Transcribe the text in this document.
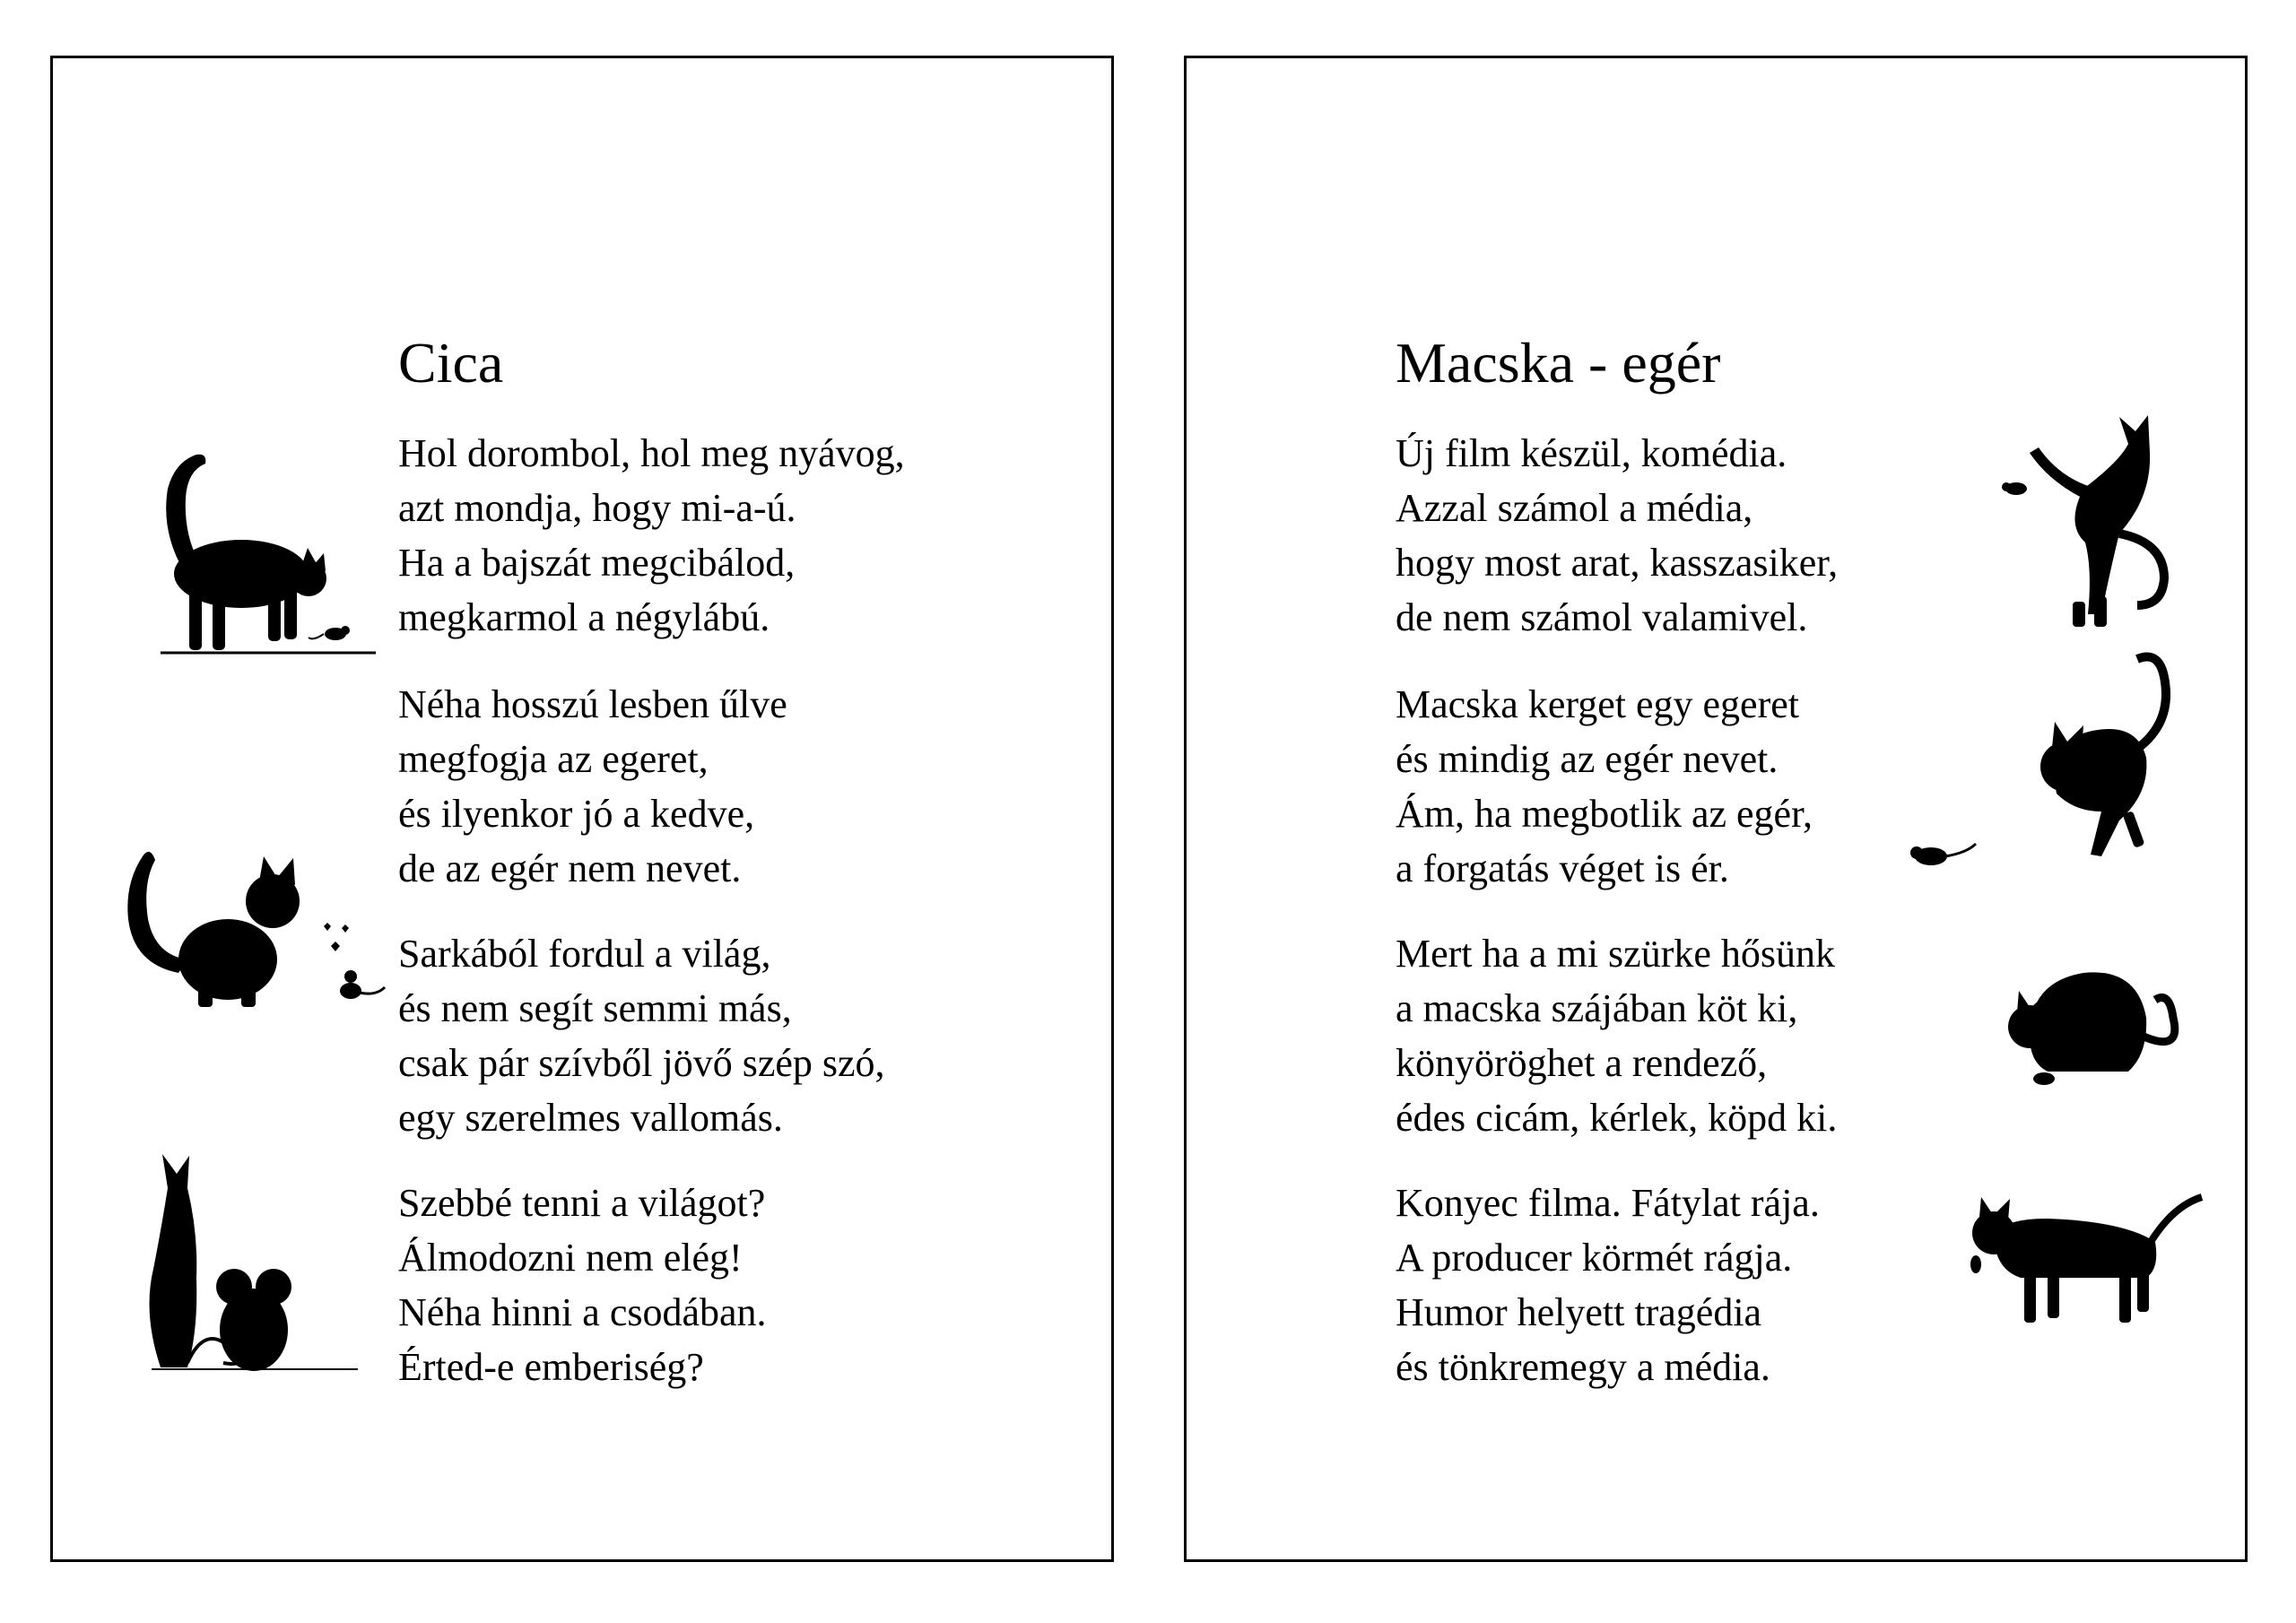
Cica
Hol dorombol, hol meg nyávog,
azt mondja, hogy mi-a-ú.
Ha a bajszát megcibálod,
megkarmol a négylábú.
Néha hosszú lesben űlve
megfogja az egeret,
és ilyenkor jó a kedve,
de az egér nem nevet.
Sarkából fordul a világ,
és nem segít semmi más,
csak pár szívből jövő szép szó,
egy szerelmes vallomás.
Szebbé tenni a világot?
Álmodozni nem elég!
Néha hinni a csodában.
Érted-e emberiség?
Macska - egér
Új film készül, komédia.
Azzal számol a média,
hogy most arat, kasszasiker,
de nem számol valamivel.
Macska kerget egy egeret
és mindig az egér nevet.
Ám, ha megbotlik az egér,
a forgatás véget is ér.
Mert ha a mi szürke hősünk
a macska szájában köt ki,
könyöröghet a rendező,
édes cicám, kérlek, köpd ki.
Konyec filma. Fátylat rája.
A producer körmét rágja.
Humor helyett tragédia
és tönkremegy a média.
